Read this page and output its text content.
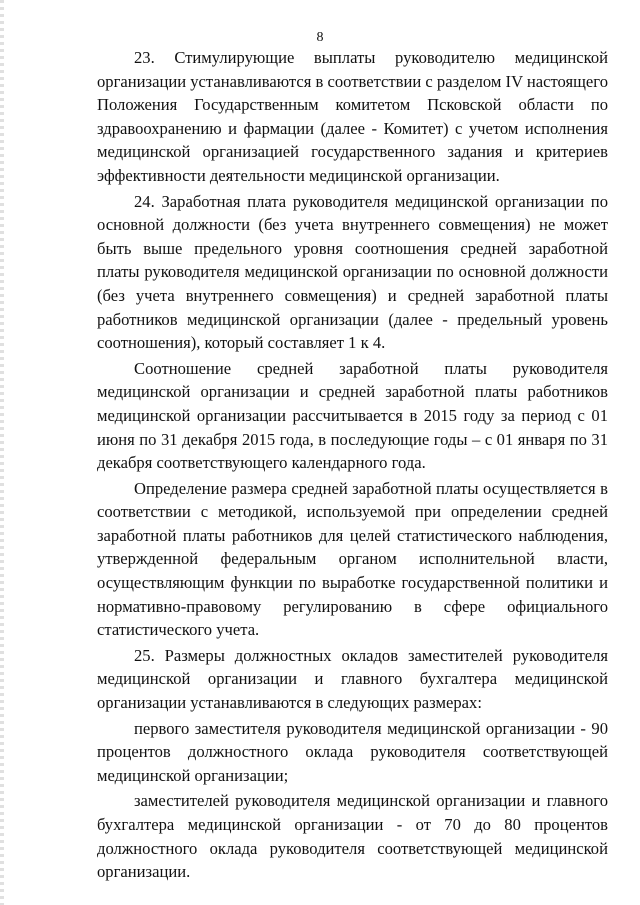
8

23. Стимулирующие выплаты руководителю медицинской организации устанавливаются в соответствии с разделом IV настоящего Положения Государственным комитетом Псковской области по здравоохранению и фармации (далее - Комитет) с учетом исполнения медицинской организацией государственного задания и критериев эффективности деятельности медицинской организации.

24. Заработная плата руководителя медицинской организации по основной должности (без учета внутреннего совмещения) не может быть выше предельного уровня соотношения средней заработной платы руководителя медицинской организации по основной должности (без учета внутреннего совмещения) и средней заработной платы работников медицинской организации (далее - предельный уровень соотношения), который составляет 1 к 4.

Соотношение средней заработной платы руководителя медицинской организации и средней заработной платы работников медицинской организации рассчитывается в 2015 году за период с 01 июня по 31 декабря 2015 года, в последующие годы – с 01 января по 31 декабря соответствующего календарного года.

Определение размера средней заработной платы осуществляется в соответствии с методикой, используемой при определении средней заработной платы работников для целей статистического наблюдения, утвержденной федеральным органом исполнительной власти, осуществляющим функции по выработке государственной политики и нормативно-правовому регулированию в сфере официального статистического учета.

25. Размеры должностных окладов заместителей руководителя медицинской организации и главного бухгалтера медицинской организации устанавливаются в следующих размерах:

первого заместителя руководителя медицинской организации - 90 процентов должностного оклада руководителя соответствующей медицинской организации;

заместителей руководителя медицинской организации и главного бухгалтера медицинской организации - от 70 до 80 процентов должностного оклада руководителя соответствующей медицинской организации.
